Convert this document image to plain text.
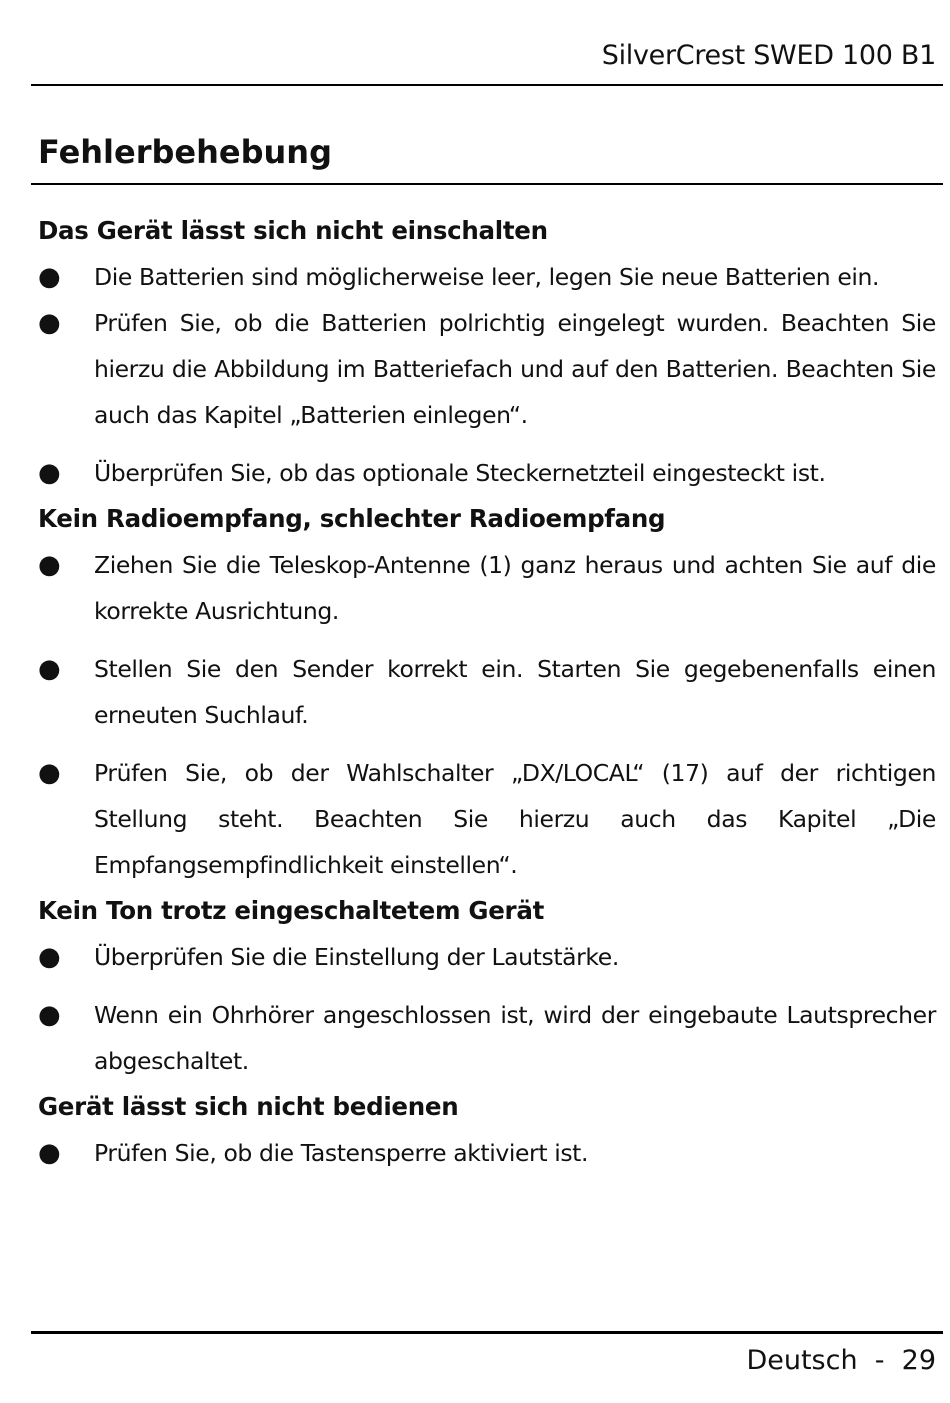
SilverCrest SWED 100 B1
Fehlerbehebung
Das Gerät lässt sich nicht einschalten
● Die Batterien sind möglicherweise leer, legen Sie neue Batterien ein.
● Prüfen Sie, ob die Batterien polrichtig eingelegt wurden. Beachten Sie hierzu die Abbildung im Batteriefach und auf den Batterien. Beachten Sie auch das Kapitel „Batterien einlegen“.
● Überprüfen Sie, ob das optionale Steckernetzteil eingesteckt ist.
Kein Radioempfang, schlechter Radioempfang
● Ziehen Sie die Teleskop-Antenne (1) ganz heraus und achten Sie auf die korrekte Ausrichtung.
● Stellen Sie den Sender korrekt ein. Starten Sie gegebenenfalls einen erneuten Suchlauf.
● Prüfen Sie, ob der Wahlschalter „DX/LOCAL“ (17) auf der richtigen Stellung steht. Beachten Sie hierzu auch das Kapitel „Die Empfangsempfindlichkeit einstellen“.
Kein Ton trotz eingeschaltetem Gerät
● Überprüfen Sie die Einstellung der Lautstärke.
● Wenn ein Ohrhörer angeschlossen ist, wird der eingebaute Lautsprecher abgeschaltet.
Gerät lässt sich nicht bedienen
● Prüfen Sie, ob die Tastensperre aktiviert ist.
Deutsch  -  29
